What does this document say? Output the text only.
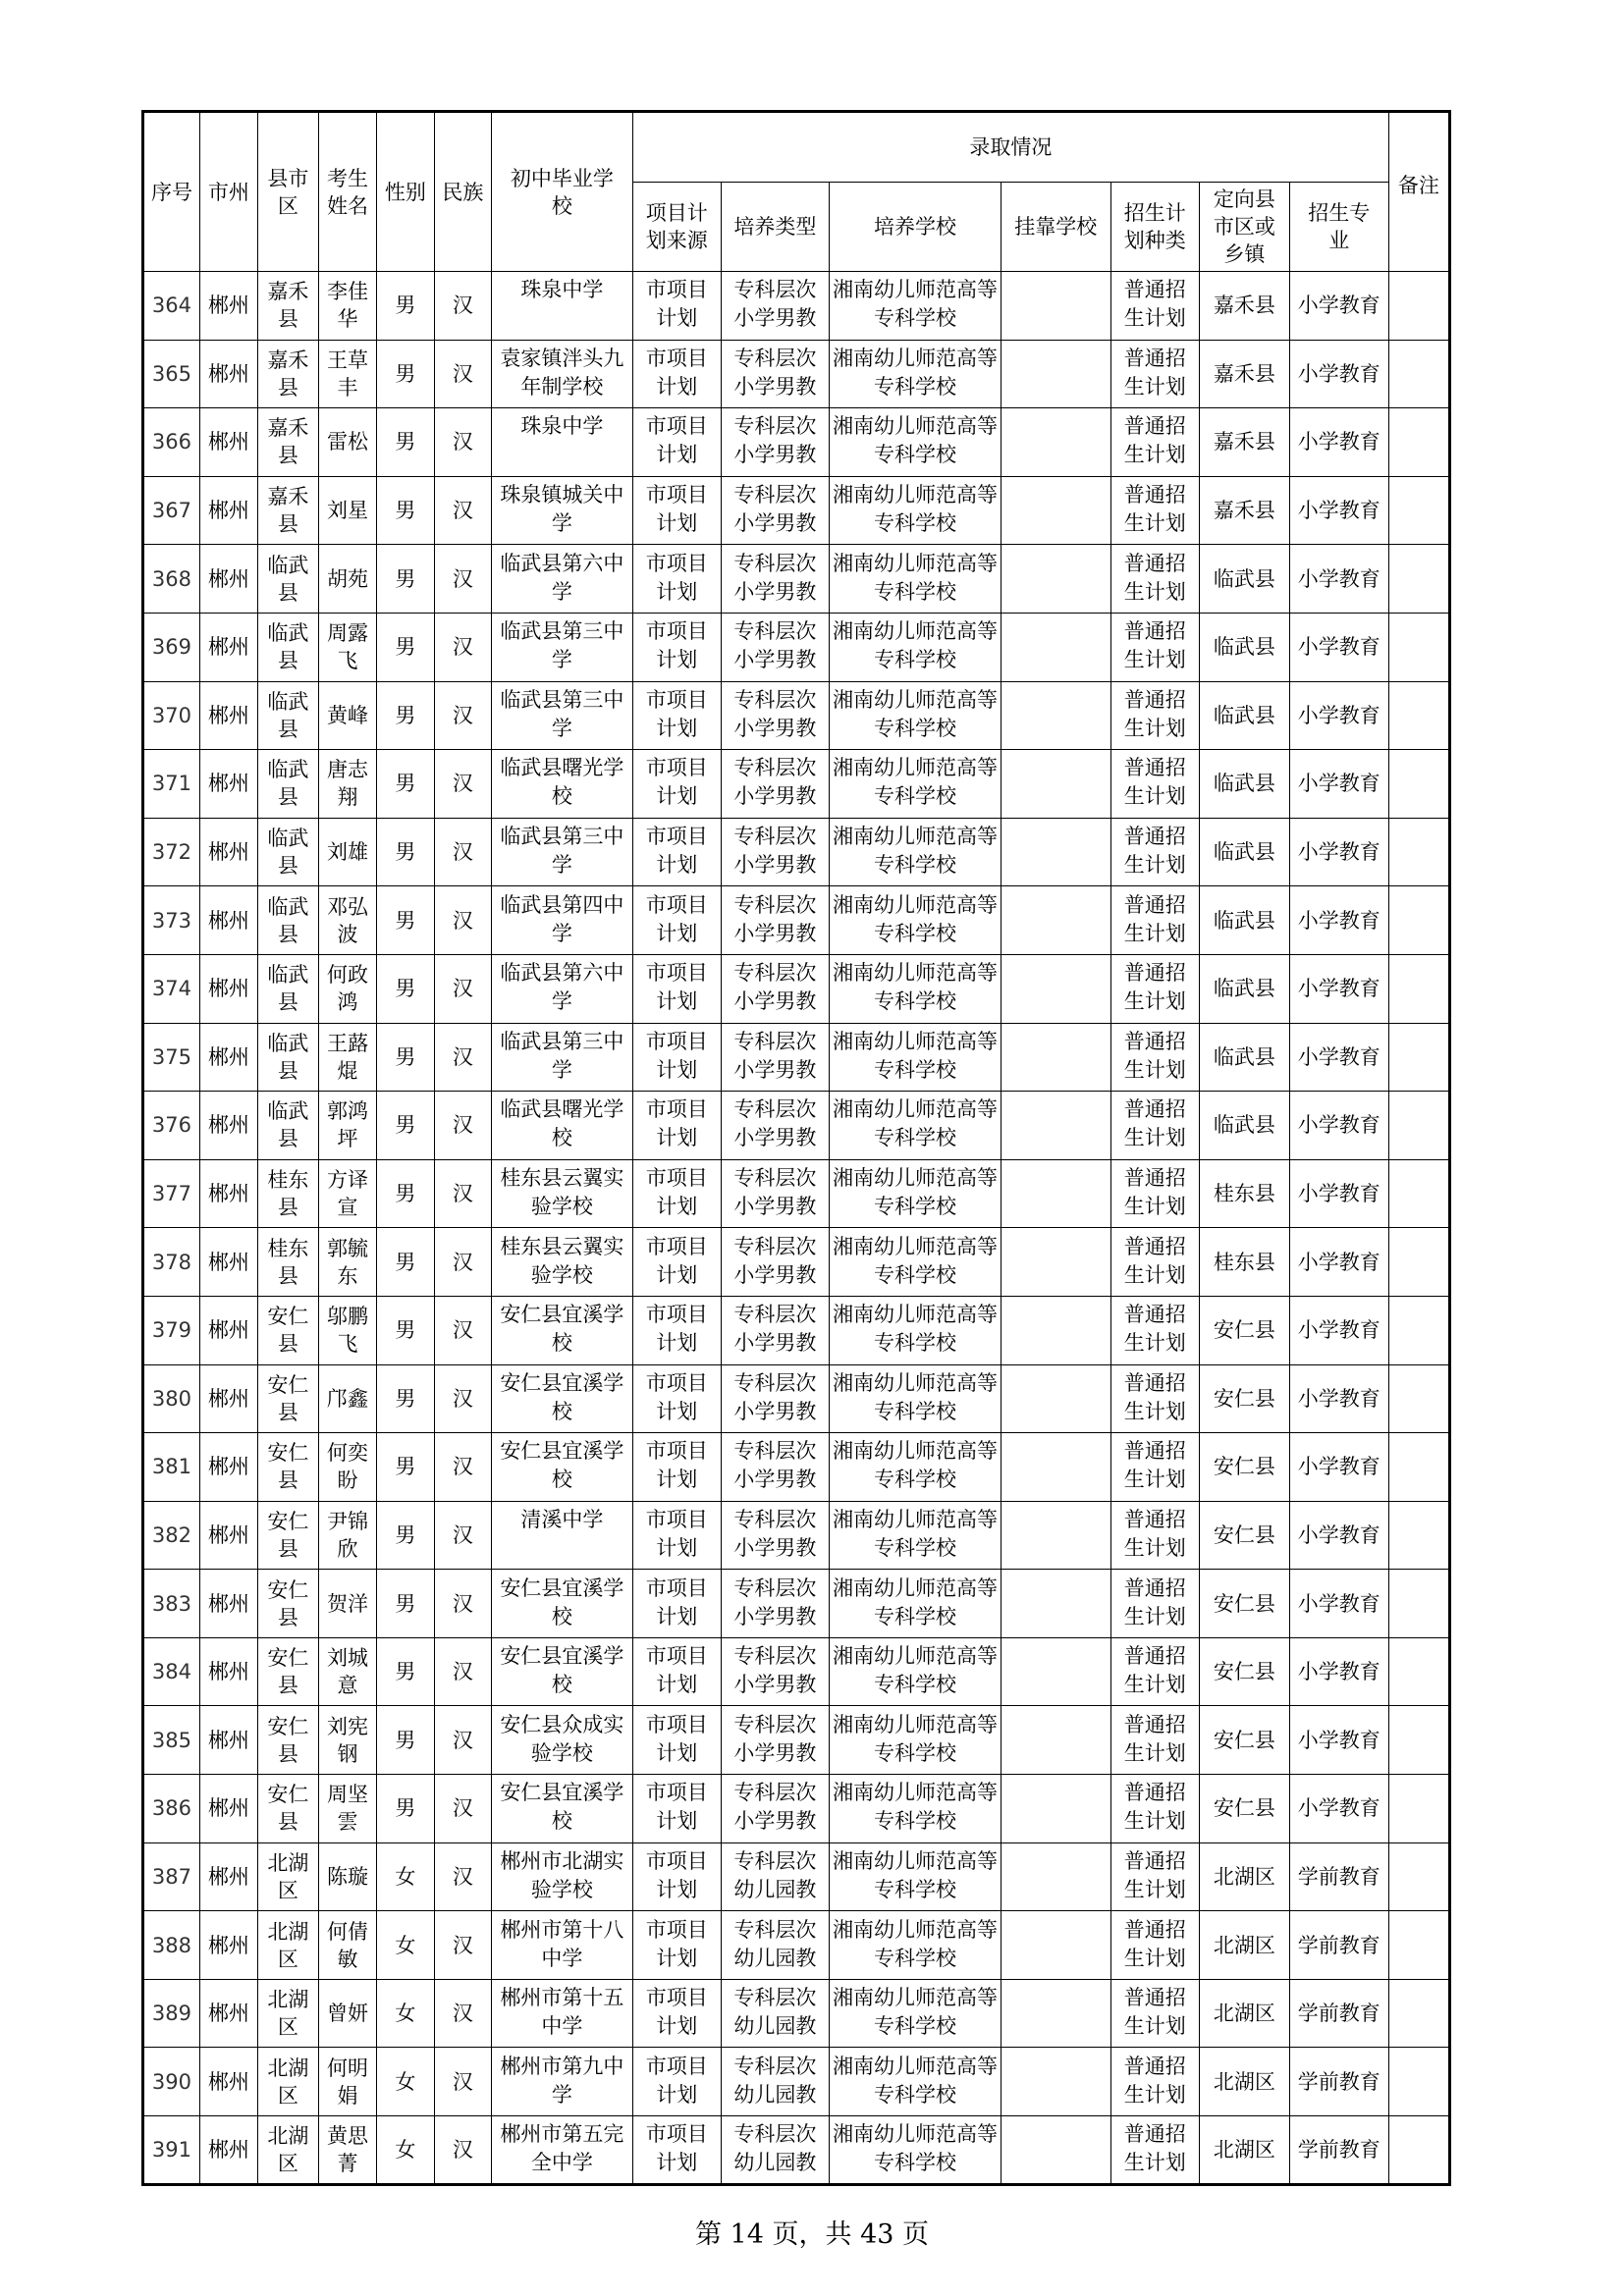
序号	市州	县市区	考生姓名	性别	民族	初中毕业学校	录取情况							备注

							项目计划来源	培养类型	培养学校	挂靠学校	招生计划种类	定向县市区或乡镇	招生专业	

364	郴州	嘉禾县	李佳华	男	汉	珠泉中学	市项目计划	专科层次小学男教	湘南幼儿师范高等专科学校		普通招生计划	嘉禾县	小学教育	
365	郴州	嘉禾县	王草丰	男	汉	袁家镇泮头九年制学校	市项目计划	专科层次小学男教	湘南幼儿师范高等专科学校		普通招生计划	嘉禾县	小学教育	
366	郴州	嘉禾县	雷松	男	汉	珠泉中学	市项目计划	专科层次小学男教	湘南幼儿师范高等专科学校		普通招生计划	嘉禾县	小学教育	
367	郴州	嘉禾县	刘星	男	汉	珠泉镇城关中学	市项目计划	专科层次小学男教	湘南幼儿师范高等专科学校		普通招生计划	嘉禾县	小学教育	
368	郴州	临武县	胡苑	男	汉	临武县第六中学	市项目计划	专科层次小学男教	湘南幼儿师范高等专科学校		普通招生计划	临武县	小学教育	
369	郴州	临武县	周露飞	男	汉	临武县第三中学	市项目计划	专科层次小学男教	湘南幼儿师范高等专科学校		普通招生计划	临武县	小学教育	
370	郴州	临武县	黄峰	男	汉	临武县第三中学	市项目计划	专科层次小学男教	湘南幼儿师范高等专科学校		普通招生计划	临武县	小学教育	
371	郴州	临武县	唐志翔	男	汉	临武县曙光学校	市项目计划	专科层次小学男教	湘南幼儿师范高等专科学校		普通招生计划	临武县	小学教育	
372	郴州	临武县	刘雄	男	汉	临武县第三中学	市项目计划	专科层次小学男教	湘南幼儿师范高等专科学校		普通招生计划	临武县	小学教育	
373	郴州	临武县	邓弘波	男	汉	临武县第四中学	市项目计划	专科层次小学男教	湘南幼儿师范高等专科学校		普通招生计划	临武县	小学教育	
374	郴州	临武县	何政鸿	男	汉	临武县第六中学	市项目计划	专科层次小学男教	湘南幼儿师范高等专科学校		普通招生计划	临武县	小学教育	
375	郴州	临武县	王蕗焜	男	汉	临武县第三中学	市项目计划	专科层次小学男教	湘南幼儿师范高等专科学校		普通招生计划	临武县	小学教育	
376	郴州	临武县	郭鸿坪	男	汉	临武县曙光学校	市项目计划	专科层次小学男教	湘南幼儿师范高等专科学校		普通招生计划	临武县	小学教育	
377	郴州	桂东县	方译宣	男	汉	桂东县云翼实验学校	市项目计划	专科层次小学男教	湘南幼儿师范高等专科学校		普通招生计划	桂东县	小学教育	
378	郴州	桂东县	郭毓东	男	汉	桂东县云翼实验学校	市项目计划	专科层次小学男教	湘南幼儿师范高等专科学校		普通招生计划	桂东县	小学教育	
379	郴州	安仁县	邬鹏飞	男	汉	安仁县宜溪学校	市项目计划	专科层次小学男教	湘南幼儿师范高等专科学校		普通招生计划	安仁县	小学教育	
380	郴州	安仁县	邝鑫	男	汉	安仁县宜溪学校	市项目计划	专科层次小学男教	湘南幼儿师范高等专科学校		普通招生计划	安仁县	小学教育	
381	郴州	安仁县	何奕盼	男	汉	安仁县宜溪学校	市项目计划	专科层次小学男教	湘南幼儿师范高等专科学校		普通招生计划	安仁县	小学教育	
382	郴州	安仁县	尹锦欣	男	汉	清溪中学	市项目计划	专科层次小学男教	湘南幼儿师范高等专科学校		普通招生计划	安仁县	小学教育	
383	郴州	安仁县	贺洋	男	汉	安仁县宜溪学校	市项目计划	专科层次小学男教	湘南幼儿师范高等专科学校		普通招生计划	安仁县	小学教育	
384	郴州	安仁县	刘城意	男	汉	安仁县宜溪学校	市项目计划	专科层次小学男教	湘南幼儿师范高等专科学校		普通招生计划	安仁县	小学教育	
385	郴州	安仁县	刘宪钢	男	汉	安仁县众成实验学校	市项目计划	专科层次小学男教	湘南幼儿师范高等专科学校		普通招生计划	安仁县	小学教育	
386	郴州	安仁县	周坚雲	男	汉	安仁县宜溪学校	市项目计划	专科层次小学男教	湘南幼儿师范高等专科学校		普通招生计划	安仁县	小学教育	
387	郴州	北湖区	陈璇	女	汉	郴州市北湖实验学校	市项目计划	专科层次幼儿园教	湘南幼儿师范高等专科学校		普通招生计划	北湖区	学前教育	
388	郴州	北湖区	何倩敏	女	汉	郴州市第十八中学	市项目计划	专科层次幼儿园教	湘南幼儿师范高等专科学校		普通招生计划	北湖区	学前教育	
389	郴州	北湖区	曾妍	女	汉	郴州市第十五中学	市项目计划	专科层次幼儿园教	湘南幼儿师范高等专科学校		普通招生计划	北湖区	学前教育	
390	郴州	北湖区	何明娟	女	汉	郴州市第九中学	市项目计划	专科层次幼儿园教	湘南幼儿师范高等专科学校		普通招生计划	北湖区	学前教育	
391	郴州	北湖区	黄思菁	女	汉	郴州市第五完全中学	市项目计划	专科层次幼儿园教	湘南幼儿师范高等专科学校		普通招生计划	北湖区	学前教育	
第 14 页，共 43 页
